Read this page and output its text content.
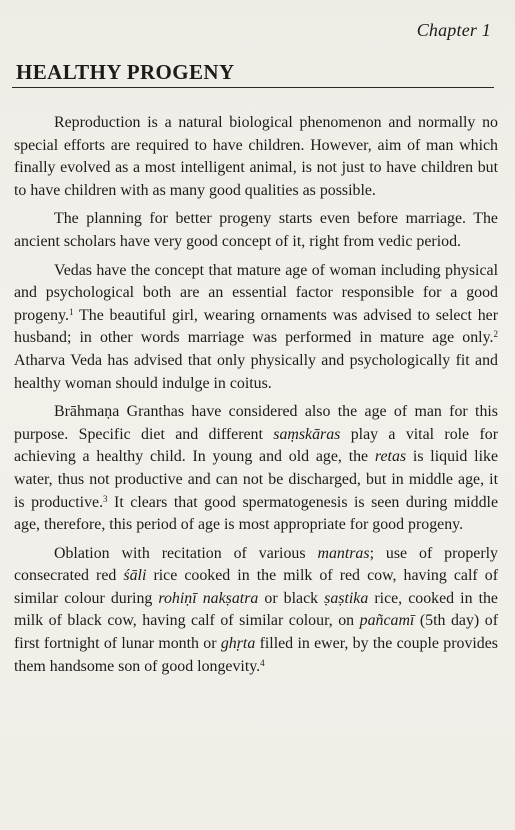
Chapter 1
HEALTHY PROGENY

Reproduction is a natural biological phenomenon and normally no special efforts are required to have children. However, aim of man which finally evolved as a most intelligent animal, is not just to have children but to have children with as many good qualities as possible.

The planning for better progeny starts even before marriage. The ancient scholars have very good concept of it, right from vedic period.

Vedas have the concept that mature age of woman including physical and psychological both are an essential factor responsible for a good progeny.$^1$ The beautiful girl, wearing ornaments was advised to select her husband; in other words marriage was performed in mature age only.$^2$ Atharva Veda has advised that only physically and psychologically fit and healthy woman should indulge in coitus.

Brāhmaṇa Granthas have considered also the age of man for this purpose. Specific diet and different saṃskāras play a vital role for achieving a healthy child. In young and old age, the retas is liquid like water, thus not productive and can not be discharged, but in middle age, it is productive.$^3$ It clears that good spermatogenesis is seen during middle age, therefore, this period of age is most appropriate for good progeny.

Oblation with recitation of various mantras; use of properly consecrated red śāli rice cooked in the milk of red cow, having calf of similar colour during rohiṇī nakṣatra or black ṣaṣtika rice, cooked in the milk of black cow, having calf of similar colour, on pañcamī (5th day) of first fortnight of lunar month or ghṛta filled in ewer, by the couple provides them handsome son of good longevity.$^4$
